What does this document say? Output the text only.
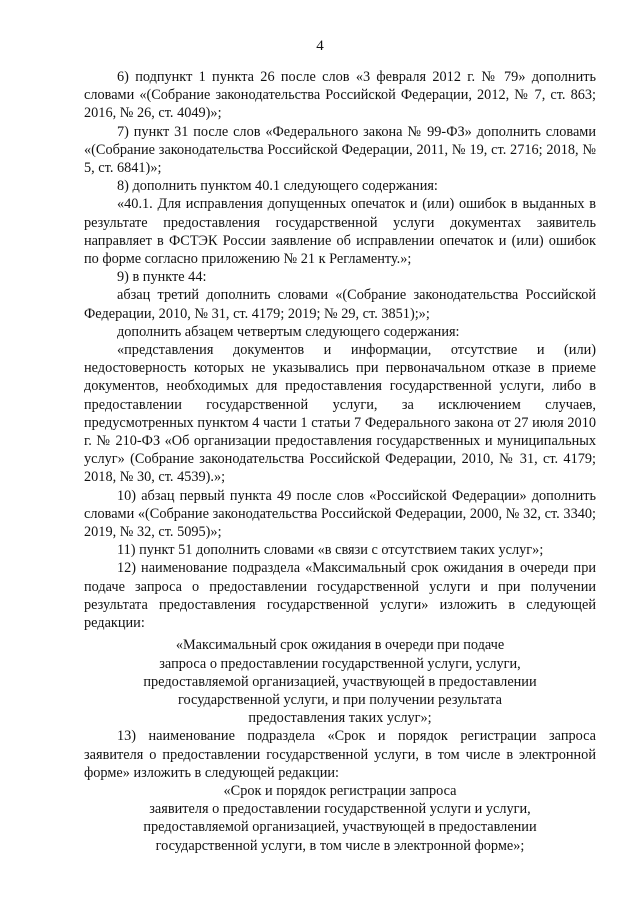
4

6) подпункт 1 пункта 26 после слов «3 февраля 2012 г. № 79» дополнить словами «(Собрание законодательства Российской Федерации, 2012, № 7, ст. 863; 2016, № 26, ст. 4049)»;

7) пункт 31 после слов «Федерального закона № 99-ФЗ» дополнить словами «(Собрание законодательства Российской Федерации, 2011, № 19, ст. 2716; 2018, № 5, ст. 6841)»;

8) дополнить пунктом 40.1 следующего содержания:

«40.1. Для исправления допущенных опечаток и (или) ошибок в выданных в результате предоставления государственной услуги документах заявитель направляет в ФСТЭК России заявление об исправлении опечаток и (или) ошибок по форме согласно приложению № 21 к Регламенту.»;

9) в пункте 44:

абзац третий дополнить словами «(Собрание законодательства Российской Федерации, 2010, № 31, ст. 4179; 2019; № 29, ст. 3851);»;

дополнить абзацем четвертым следующего содержания:

«представления документов и информации, отсутствие и (или) недостоверность которых не указывались при первоначальном отказе в приеме документов, необходимых для предоставления государственной услуги, либо в предоставлении государственной услуги, за исключением случаев, предусмотренных пунктом 4 части 1 статьи 7 Федерального закона от 27 июля 2010 г. № 210-ФЗ «Об организации предоставления государственных и муниципальных услуг» (Собрание законодательства Российской Федерации, 2010, № 31, ст. 4179; 2018, № 30, ст. 4539).»;

10) абзац первый пункта 49 после слов «Российской Федерации» дополнить словами «(Собрание законодательства Российской Федерации, 2000, № 32, ст. 3340; 2019, № 32, ст. 5095)»;

11) пункт 51 дополнить словами «в связи с отсутствием таких услуг»;

12) наименование подраздела «Максимальный срок ожидания в очереди при подаче запроса о предоставлении государственной услуги и при получении результата предоставления государственной услуги» изложить в следующей редакции:

«Максимальный срок ожидания в очереди при подаче

запроса о предоставлении государственной услуги, услуги,

предоставляемой организацией, участвующей в предоставлении

государственной услуги, и при получении результата

предоставления таких услуг»;

13) наименование подраздела «Срок и порядок регистрации запроса заявителя о предоставлении государственной услуги, в том числе в электронной форме» изложить в следующей редакции:

«Срок и порядок регистрации запроса

заявителя о предоставлении государственной услуги и услуги,

предоставляемой организацией, участвующей в предоставлении

государственной услуги, в том числе в электронной форме»;
